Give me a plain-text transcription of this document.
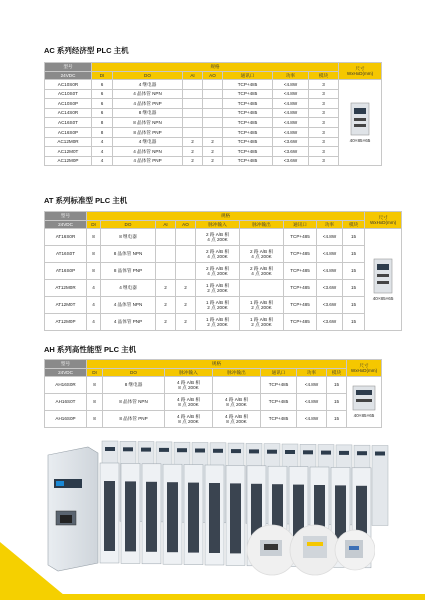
AC 系列经济型 PLC 主机
型号	规格							尺寸
WxHxD(mm)

24VDC	DI	DO	AI	AO	通讯口	功率	模块	
AC10S0R	6	4 继电器			TCP+485	<4.8W	3	40×85×65
AC10S0T	6	4 晶体管 NPN			TCP+485	<4.8W	3	
AC10S0P	6	4 晶体管 PNP			TCP+485	<4.8W	3	
AC14S0R	6	8 继电器			TCP+485	<4.8W	3	
AC16S0T	8	8 晶体管 NPN			TCP+485	<4.8W	3	
AC16S0P	8	8 晶体管 PNP			TCP+485	<4.8W	3	
AC12M0R	4	4 继电器	2	2	TCP+485	<3.6W	3	
AC12M0T	4	4 晶体管 NPN	2	2	TCP+485	<3.6W	3	
AC12M0P	4	4 晶体管 PNP	2	2	TCP+485	<3.6W	3	
AT 系列标准型 PLC 主机
型号	规格									尺寸
WxHxD(mm)

24VDC	DI	DO	AI	AO	脉冲输入	脉冲输出	通讯口	功率	模块	
AT16S0R	8	8 继电器			2 路 A/B 相
4 点 200K		TCP+485	<4.8W	15	40×85×65
AT16S0T	8	8 晶体管 NPN			2 路 A/B 相
4 点 200K	2 路 A/B 相
4 点 200K	TCP+485	<4.8W	15	
AT16S0P	8	8 晶体管 PNP			2 路 A/B 相
4 点 200K	2 路 A/B 相
4 点 200K	TCP+485	<4.8W	15	
AT12M0R	4	4 继电器	2	2	1 路 A/B 相
2 点 200K		TCP+485	<3.6W	15	
AT12M0T	4	4 晶体管 NPN	2	2	1 路 A/B 相
2 点 200K	1 路 A/B 相
2 点 200K	TCP+485	<3.6W	15	
AT12M0P	4	4 晶体管 PNP	2	2	1 路 A/B 相
2 点 200K	1 路 A/B 相
2 点 200K	TCP+485	<3.6W	15	
AH 系列高性能型 PLC 主机
型号	规格							尺寸
WxHxD(mm)

24VDC	DI	DO	脉冲输入	脉冲输出	通讯口	功率	模块	
AH16S0R	8	8 继电器	4 路 A/B 相
8 点 200K		TCP+485	<4.8W	15	40×85×65
AH16S0T	8	8 晶体管 NPN	4 路 A/B 相
8 点 200K	4 路 A/B 相
8 点 200K	TCP+485	<4.8W	15	
AH16S0P	8	8 晶体管 PNP	4 路 A/B 相
8 点 200K	4 路 A/B 相
8 点 200K	TCP+485	<4.8W	15	
